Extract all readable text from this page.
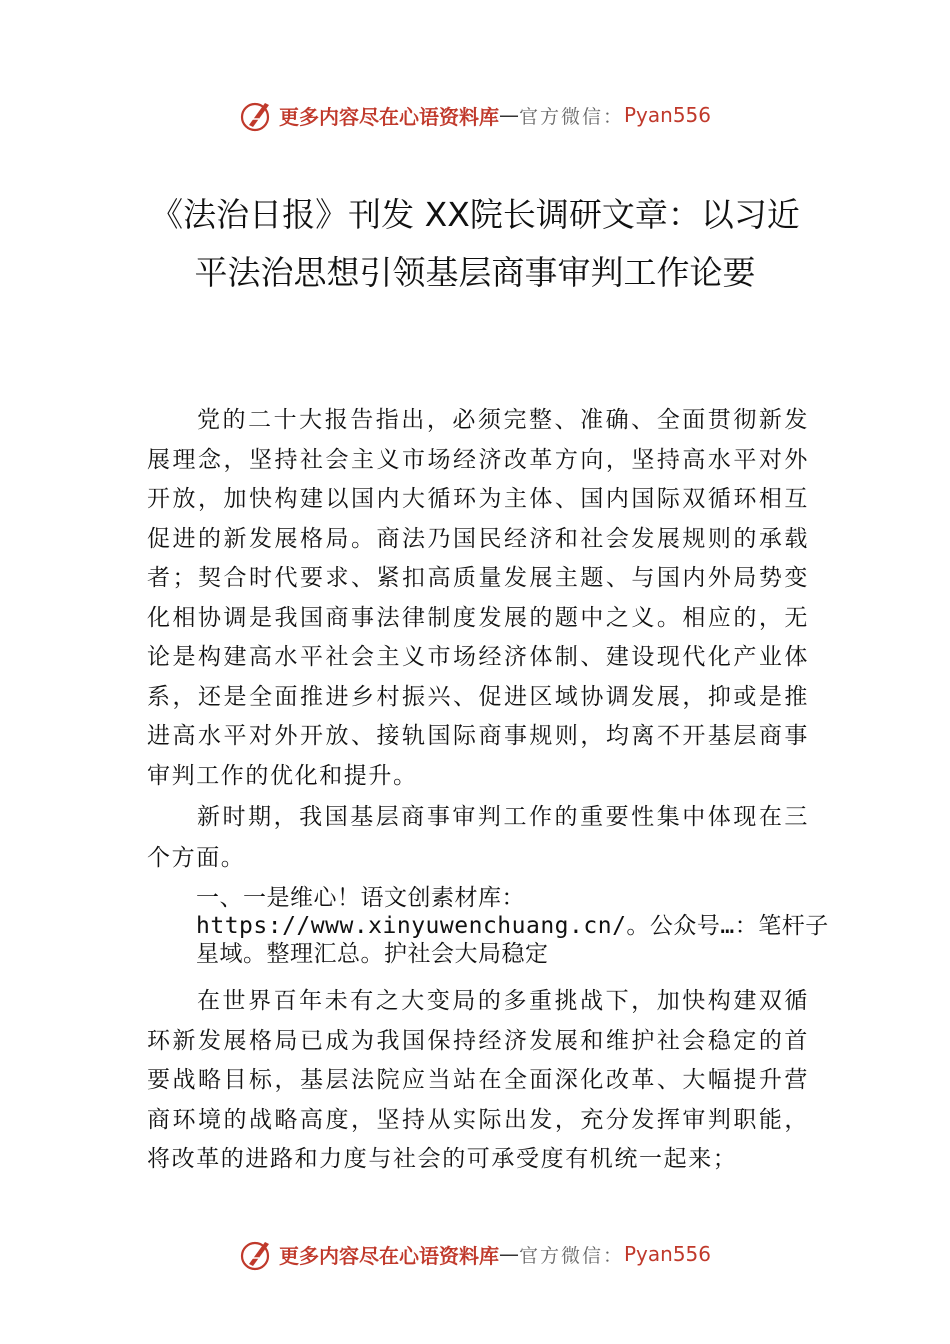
更多内容尽在心语资料库 — 官方微信： Pyan556
《法治日报》刊发 XX院长调研文章：以习近平法治思想引领基层商事审判工作论要
党的二十大报告指出，必须完整、准确、全面贯彻新发展理念，坚持社会主义市场经济改革方向，坚持高水平对外开放，加快构建以国内大循环为主体、国内国际双循环相互促进的新发展格局。商法乃国民经济和社会发展规则的承载者；契合时代要求、紧扣高质量发展主题、与国内外局势变化相协调是我国商事法律制度发展的题中之义。相应的，无论是构建高水平社会主义市场经济体制、建设现代化产业体系，还是全面推进乡村振兴、促进区域协调发展，抑或是推进高水平对外开放、接轨国际商事规则，均离不开基层商事审判工作的优化和提升。
新时期，我国基层商事审判工作的重要性集中体现在三个方面。
一、一是维心！语文创素材库：https://www.xinyuwenchuang.cn/。公众号…：笔杆子星域。整理汇总。护社会大局稳定
在世界百年未有之大变局的多重挑战下，加快构建双循环新发展格局已成为我国保持经济发展和维护社会稳定的首要战略目标，基层法院应当站在全面深化改革、大幅提升营商环境的战略高度，坚持从实际出发，充分发挥审判职能，将改革的进路和力度与社会的可承受度有机统一起来；
更多内容尽在心语资料库 — 官方微信： Pyan556
